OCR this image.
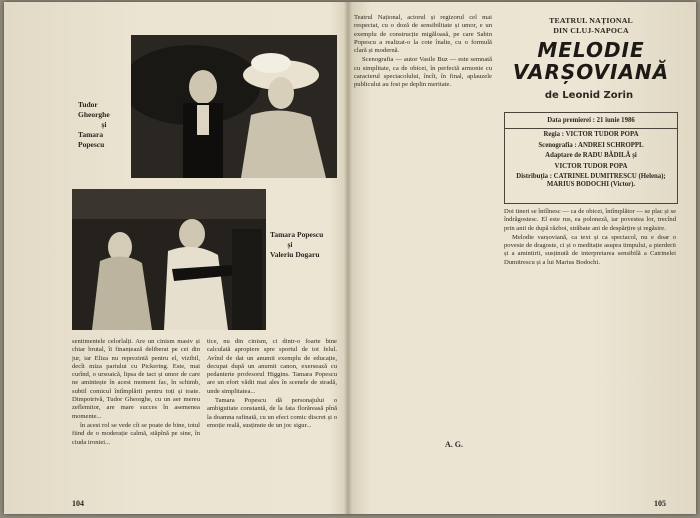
Tudor Gheorghe
și
Tamara Popescu
Tamara Popescu
și
Valeriu Dogaru

sentimentele celorlalți. Are un cinism masiv și chiar brutal, îi finanțează deliberat pe cei din jur, iar Eliza nu reprezintă pentru el, vizibil, decît miza pariului cu Pickering. Este, mai curînd, o ursoaică, lipsa de tact și umor de care ne amintește în acest moment fac, în schimb, subtil comicul întîmplării pentru toți și toate. Dimpotrivă, Tudor Gheorghe, cu un aer mereu zeflemitor, are mare succes în asemenea momente...

în acest rol se vede cît se poate de bine, totul fiind de o moderație calmă, stăpînă pe sine, în ciuda ironiei...

tice, nu din cinism, ci dintr-o foarte bine calculată apropiere spre sportul de tot felul. Avînd de dat un anumit exemplu de educație, decupat după un anumit canon, exersează cu pedanterie profesorul Higgins. Tamara Popescu are un efort vădit mai ales în scenele de stradă, unde simplitatea...

Tamara Popescu dă personajului o ambiguitate constantă, de la fata florăreasă pînă la doamna rafinată, cu un efect comic discret și o emoție reală, susținute de un joc sigur...

104

Teatrul Național, actorul și regizorul cel mai respectat, cu o doză de sensibilitate și umor, e un exemplu de construcție migăloasă, pe care Sabin Popescu a realizat-o la cote înalte, cu o formulă clară și modernă.

Scenografia — autor Vasile Buz — este semnată cu simplitate, ca de obicei, în perfectă armonie cu caracterul spectacolului, încît, în final, aplauzele publicului au fost pe deplin meritate.

A. G.
TEATRUL NAȚIONAL
DIN CLUJ-NAPOCA
MELODIE
VARȘOVIANĂ
de Leonid Zorin
Data premierei : 21 iunie 1986
Regia : VICTOR TUDOR POPA
Scenografia : ANDREI SCHROPPL
Adaptare de RADU BĂDILĂ și
VICTOR TUDOR POPA
Distribuția : CATRINEL DUMITRESCU (Helena); MARIUS BODOCHI (Victor).

Doi tineri se întîlnesc — ca de obicei, întîmplător — se plac și se îndrăgostesc. El este rus, ea poloneză, iar povestea lor, trecînd prin anii de după război, străbate ani de despărțire și regăsire.

Melodie varșoviană, ca text și ca spectacol, nu e doar o poveste de dragoste, ci și o meditație asupra timpului, a pierderii și a amintirii, susținută de interpretarea sensibilă a Catrinelei Dumitrescu și a lui Marius Bodochi.

105
